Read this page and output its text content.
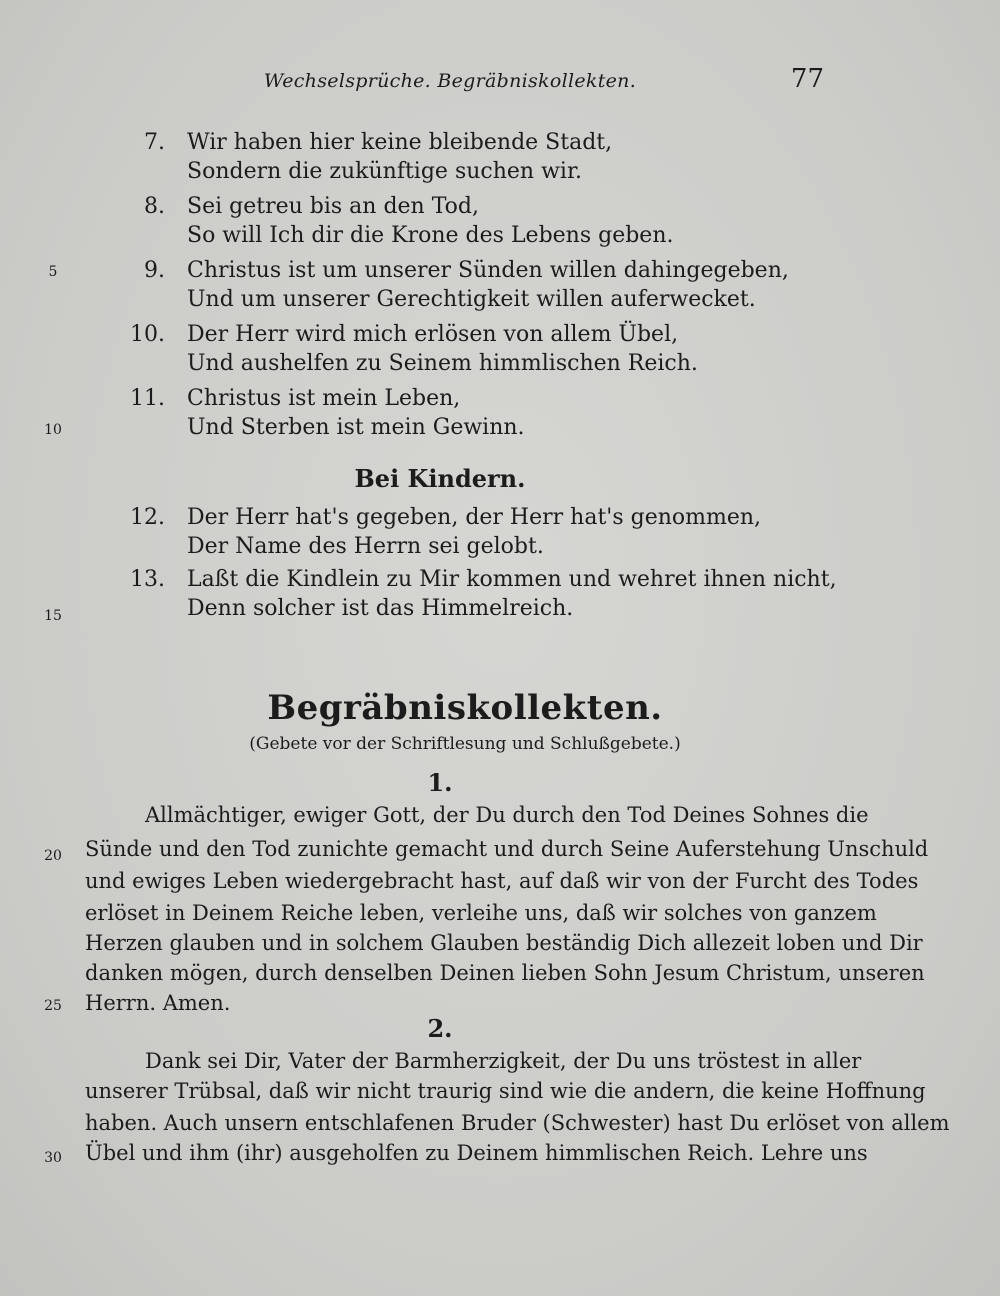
Wechselsprüche. Begräbniskollekten.	77
7. Wir haben hier keine bleibende Stadt,
Sondern die zukünftige suchen wir.
8. Sei getreu bis an den Tod,
So will Ich dir die Krone des Lebens geben.
9. Christus ist um unserer Sünden willen dahingegeben,
Und um unserer Gerechtigkeit willen auferwecket.
10. Der Herr wird mich erlösen von allem Übel,
Und aushelfen zu Seinem himmlischen Reich.
11. Christus ist mein Leben,
Und Sterben ist mein Gewinn.
Bei Kindern.
12. Der Herr hat's gegeben, der Herr hat's genommen,
Der Name des Herrn sei gelobt.
13. Laßt die Kindlein zu Mir kommen und wehret ihnen nicht,
Denn solcher ist das Himmelreich.
Begräbniskollekten.
(Gebete vor der Schriftlesung und Schlußgebete.)
1.
Allmächtiger, ewiger Gott, der Du durch den Tod Deines Sohnes die
Sünde und den Tod zunichte gemacht und durch Seine Auferstehung Unschuld
und ewiges Leben wiedergebracht hast, auf daß wir von der Furcht des Todes
erlöset in Deinem Reiche leben, verleihe uns, daß wir solches von ganzem
Herzen glauben und in solchem Glauben beständig Dich allezeit loben und Dir
danken mögen, durch denselben Deinen lieben Sohn Jesum Christum, unseren
Herrn. Amen.
2.
Dank sei Dir, Vater der Barmherzigkeit, der Du uns tröstest in aller
unserer Trübsal, daß wir nicht traurig sind wie die andern, die keine Hoffnung
haben. Auch unsern entschlafenen Bruder (Schwester) hast Du erlöset von allem
Übel und ihm (ihr) ausgeholfen zu Deinem himmlischen Reich. Lehre uns
5
10
15
20
25
30
